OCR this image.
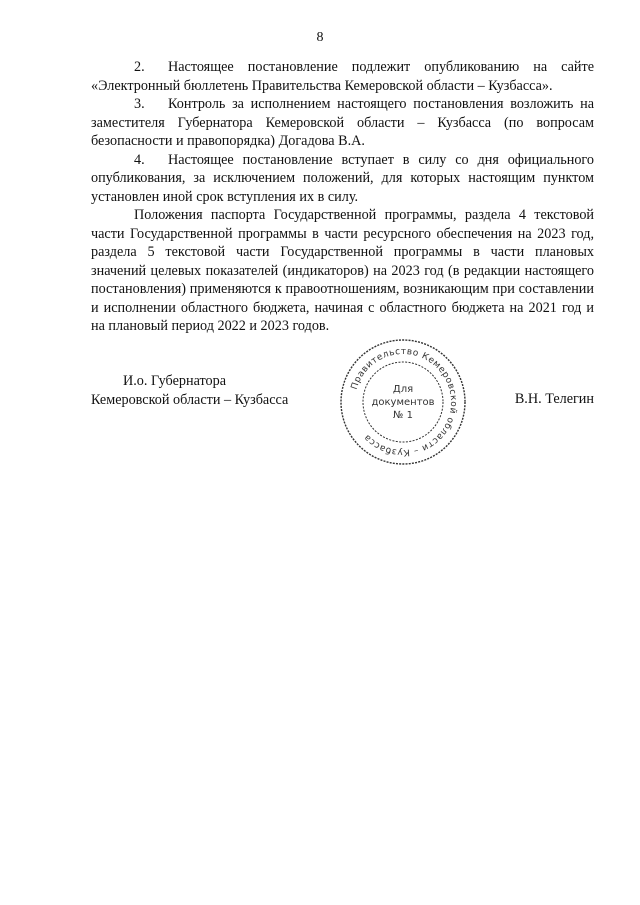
8

2. Настоящее постановление подлежит опубликованию на сайте «Электронный бюллетень Правительства Кемеровской области – Кузбасса».

3. Контроль за исполнением настоящего постановления возложить на заместителя Губернатора Кемеровской области – Кузбасса (по вопросам безопасности и правопорядка) Догадова В.А.

4. Настоящее постановление вступает в силу со дня официального опубликования, за исключением положений, для которых настоящим пунктом установлен иной срок вступления их в силу.

Положения паспорта Государственной программы, раздела 4 текстовой части Государственной программы в части ресурсного обеспечения на 2023 год, раздела 5 текстовой части Государственной программы в части плановых значений целевых показателей (индикаторов) на 2023 год (в редакции настоящего постановления) применяются к правоотношениям, возникающим при составлении и исполнении областного бюджета, начиная с областного бюджета на 2021 год и на плановый период 2022 и 2023 годов.

И.о. Губернатора
Кемеровской области – Кузбасса	В.Н. Телегин
Правительство Кемеровской области – Кузбасса
Для
документов
№ 1
